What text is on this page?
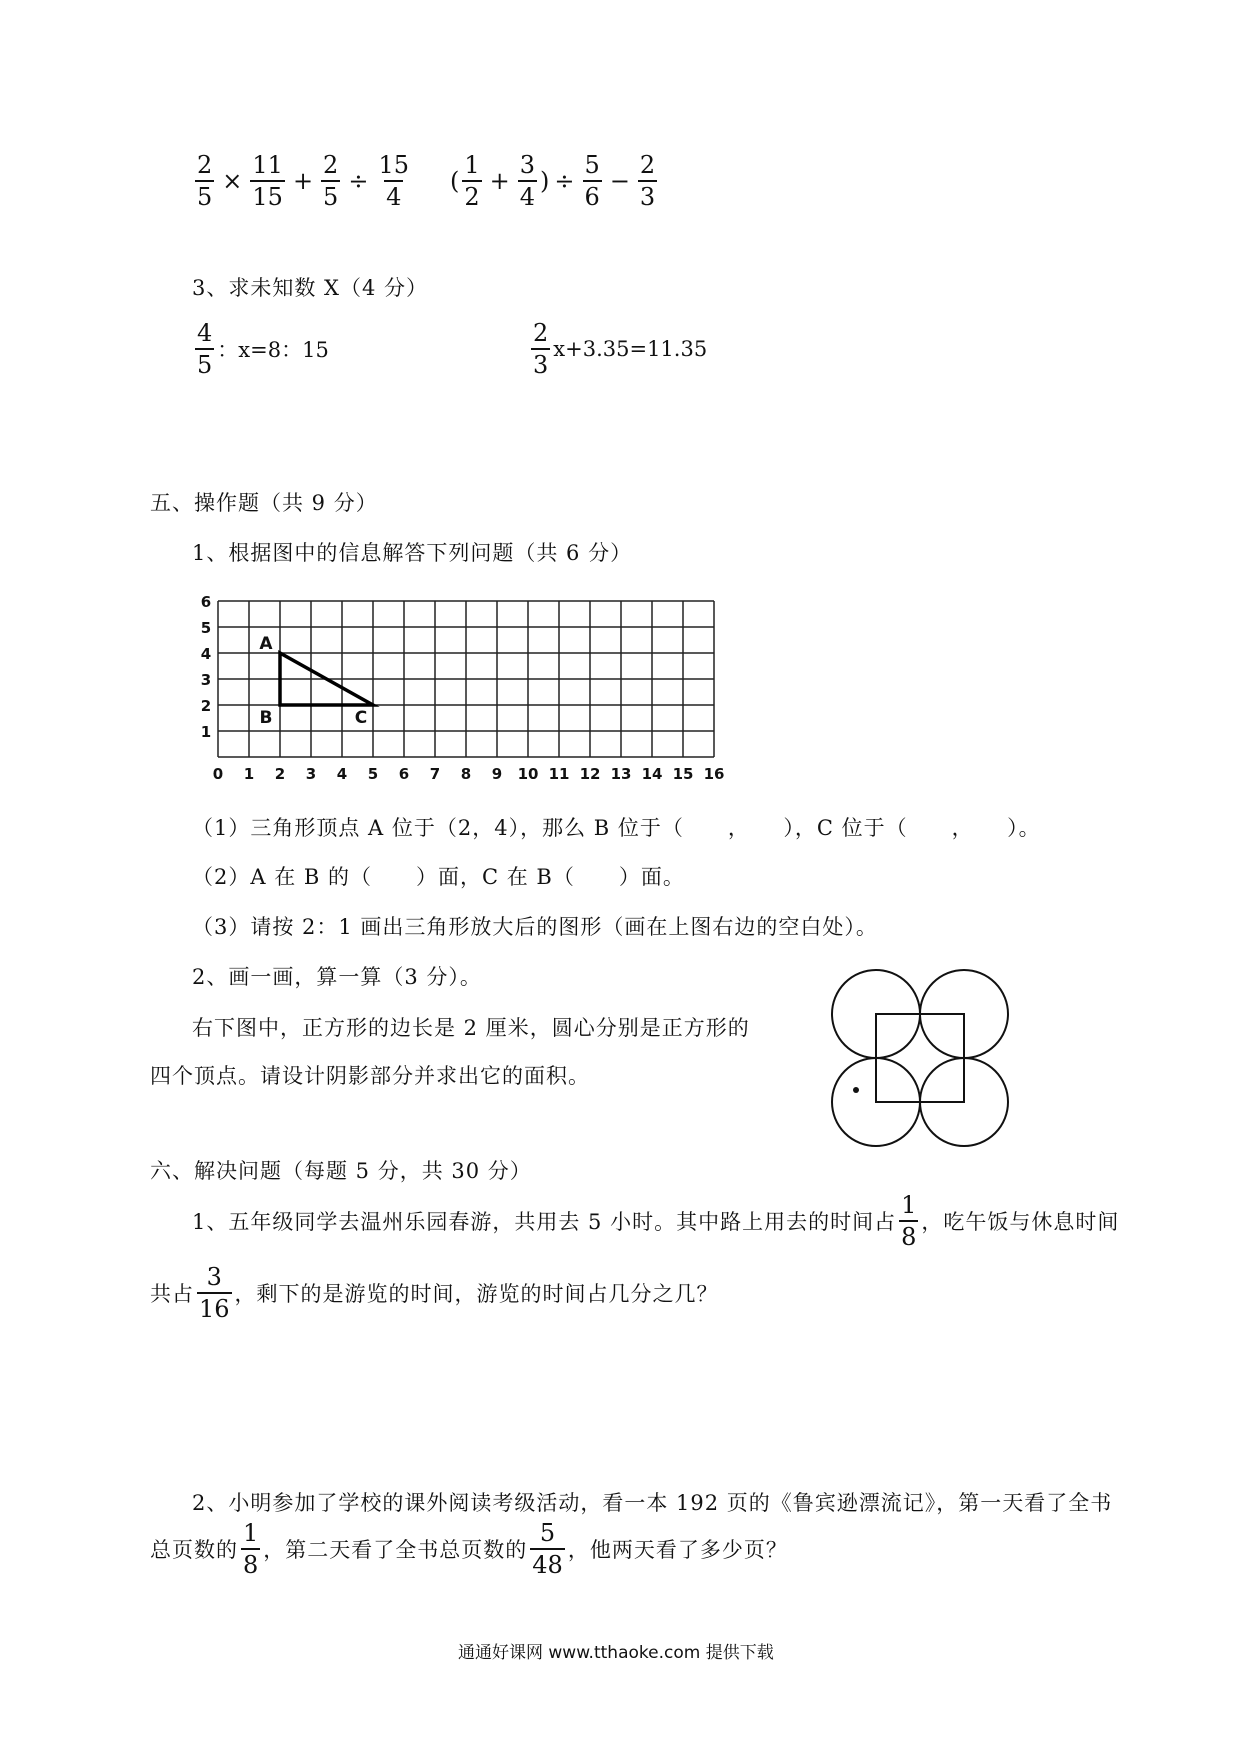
$\frac{2}{5} \times \frac{11}{15} + \frac{2}{5} \div \frac{15}{4}$ ( $\frac{1}{2} + \frac{3}{4}$ ) ÷ $\frac{5}{6} - \frac{2}{3}$
3、求未知数 X（4 分）
$\frac{4}{5}$ ：x=8：15	$\frac{2}{3} x+3.35=11.35$
五、操作题（共 9 分）
1、根据图中的信息解答下列问题（共 6 分）
0 1 2 3 4 5 6 7 8 9 10 11 12 13 14 15 16
1
2
3
4
5
6
A
B	C
（1）三角形顶点 A 位于（2，4），那么 B 位于（　　，　　），C 位于（　　，　　）。
（2）A 在 B 的（　　）面，C 在 B（　　）面。
（3）请按 2：1 画出三角形放大后的图形（画在上图右边的空白处）。
2、画一画，算一算（3 分）。
右下图中，正方形的边长是 2 厘米，圆心分别是正方形的
四个顶点。请设计阴影部分并求出它的面积。
六、解决问题（每题 5 分，共 30 分）
1、五年级同学去温州乐园春游，共用去 5 小时。其中路上用去的时间占 $\frac{1}{8}$ ，吃午饭与休息时间
共占 $\frac{3}{16}$ ，剩下的是游览的时间，游览的时间占几分之几？
2、小明参加了学校的课外阅读考级活动，看一本 192 页的《鲁宾逊漂流记》，第一天看了全书
总页数的 $\frac{1}{8}$ ，第二天看了全书总页数的 $\frac{5}{48}$ ，他两天看了多少页？
通通好课网 www.tthaoke.com 提供下载
